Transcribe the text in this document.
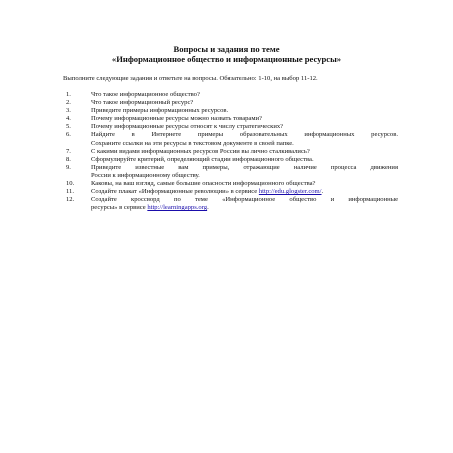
Вопросы и задания по теме
«Информационное общество и информационные ресурсы»
Выполните следующие задания и ответьте на вопросы. Обязательно: 1-10, на выбор 11-12.
1.	Что такое информационное общество?
2.	Что такое информационный ресурс?
3.	Приведите примеры информационных ресурсов.
4.	Почему информационные ресурсы можно назвать товарами?
5.	Почему информационные ресурсы относят к числу стратегических?
6.	Найдите в Интернете примеры образовательных информационных ресурсов.
Сохраните ссылки на эти ресурсы в текстовом документе в своей папке.
7.	С какими видами информационных ресурсов России вы лично сталкивались?
8.	Сформулируйте критерий, определяющий стадии информационного общества.
9.	Приведите известные вам примеры, отражающие наличие процесса движения
России к информационному обществу.
10.	Каковы, на ваш взгляд, самые большие опасности информационного общества?
11.	Создайте плакат «Информационные революции» в сервисе http://edu.glogster.com/.
12.	Создайте кроссворд по теме «Информационное общество и информационные
ресурсы» в сервисе http://learningapps.org.
